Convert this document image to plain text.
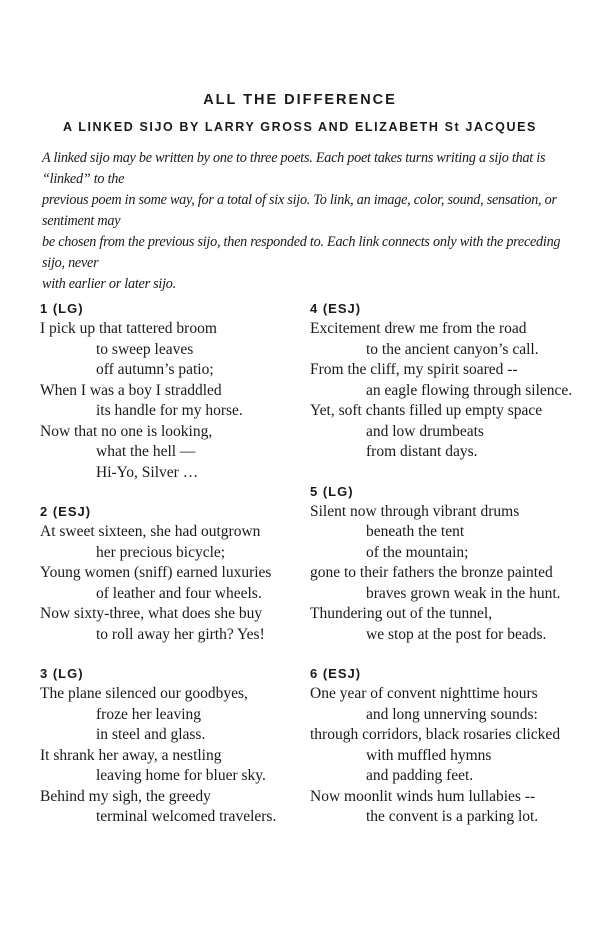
ALL THE DIFFERENCE
A LINKED SIJO BY LARRY GROSS AND ELIZABETH St JACQUES
A linked sijo may be written by one to three poets. Each poet takes turns writing a sijo that is “linked” to the
previous poem in some way, for a total of six sijo. To link, an image, color, sound, sensation, or sentiment may
be chosen from the previous sijo, then responded to. Each link connects only with the preceding sijo, never
with earlier or later sijo.
1 (LG)
I pick up that tattered broom
to sweep leaves
off autumn’s patio;
When I was a boy I straddled
its handle for my horse.
Now that no one is looking,
what the hell —
Hi-Yo, Silver …
2 (ESJ)
At sweet sixteen, she had outgrown
her precious bicycle;
Young women (sniff) earned luxuries
of leather and four wheels.
Now sixty-three, what does she buy
to roll away her girth? Yes!
3 (LG)
The plane silenced our goodbyes,
froze her leaving
in steel and glass.
It shrank her away, a nestling
leaving home for bluer sky.
Behind my sigh, the greedy
terminal welcomed travelers.
4 (ESJ)
Excitement drew me from the road
to the ancient canyon’s call.
From the cliff, my spirit soared --
an eagle flowing through silence.
Yet, soft chants filled up empty space
and low drumbeats
from distant days.
5 (LG)
Silent now through vibrant drums
beneath the tent
of the mountain;
gone to their fathers the bronze painted
braves grown weak in the hunt.
Thundering out of the tunnel,
we stop at the post for beads.
6 (ESJ)
One year of convent nighttime hours
and long unnerving sounds:
through corridors, black rosaries clicked
with muffled hymns
and padding feet.
Now moonlit winds hum lullabies --
the convent is a parking lot.
